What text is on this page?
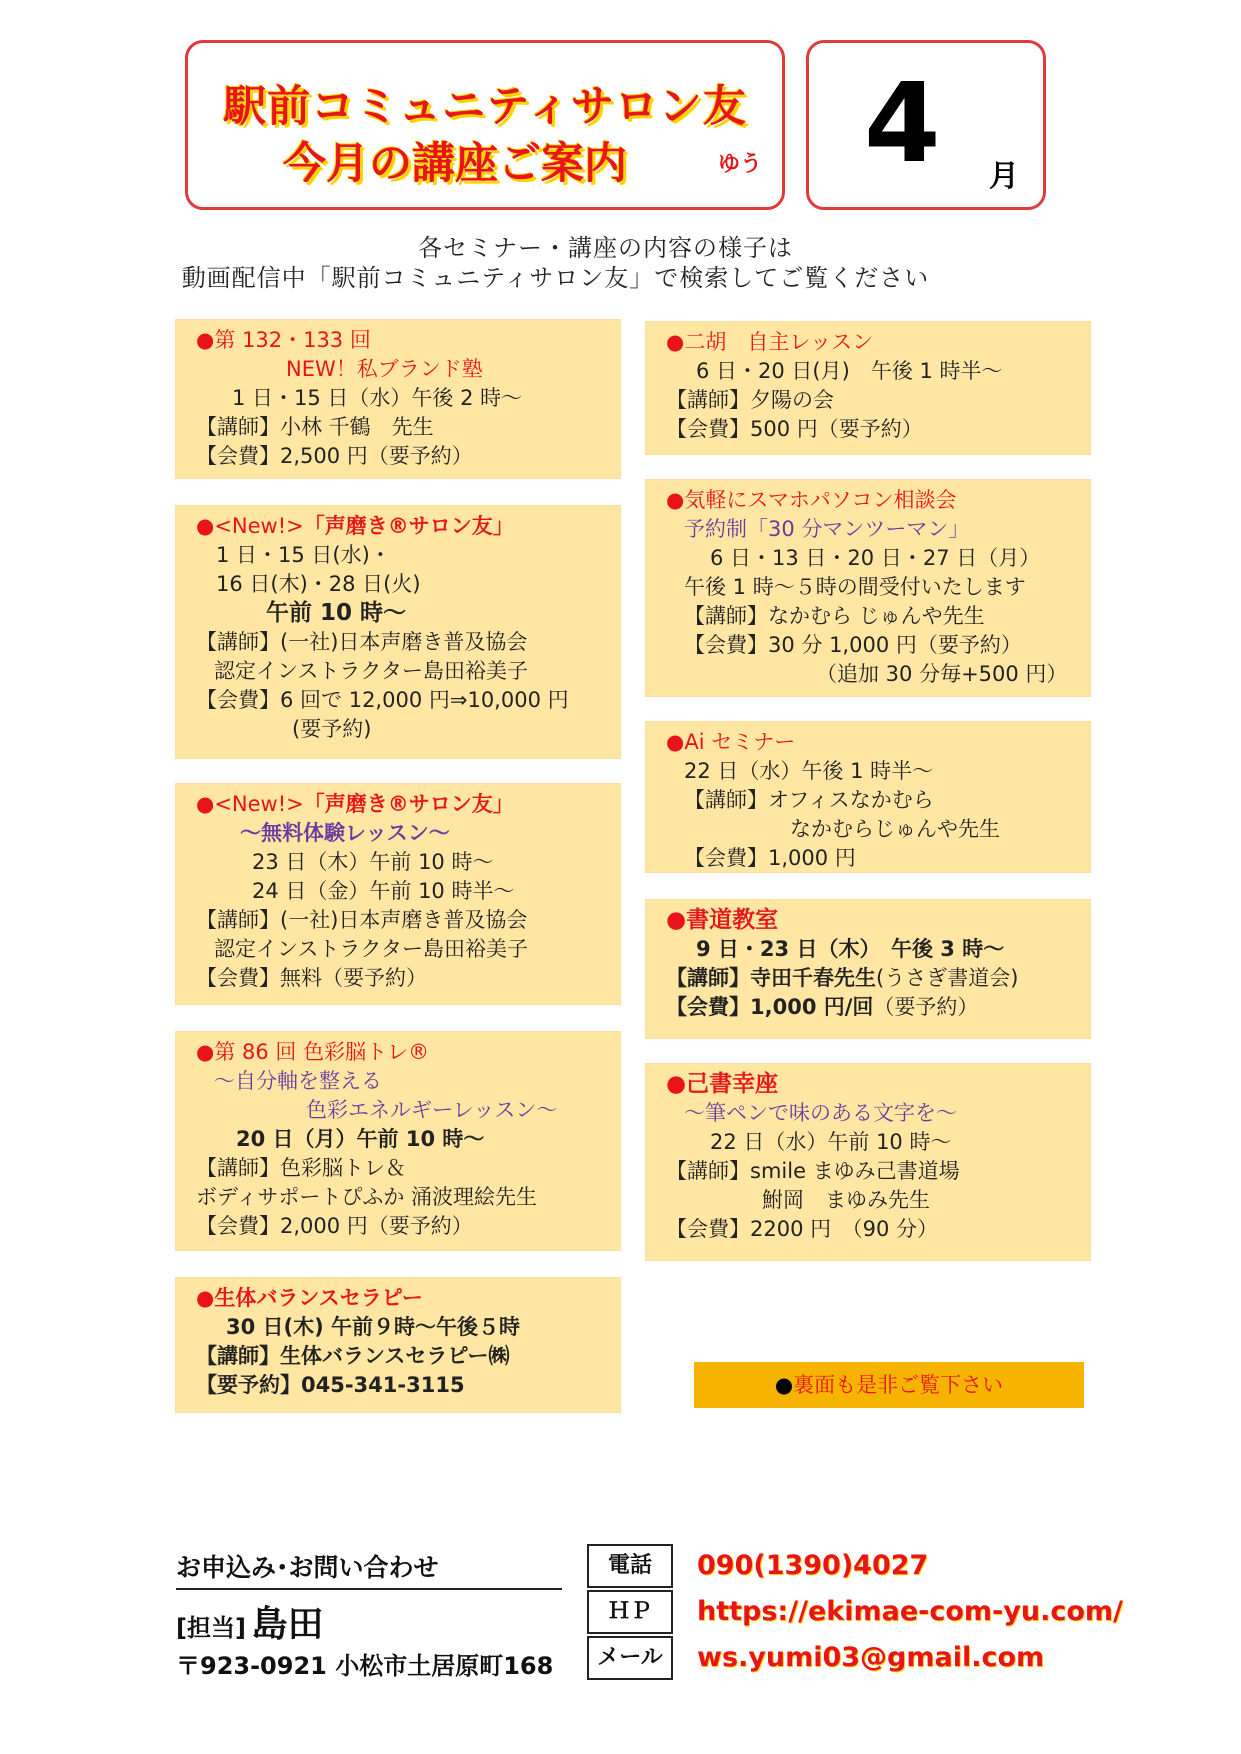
駅前コミュニティサロン友
今月の講座ご案内	ゆう 4 月
各セミナー・講座の内容の様子は
動画配信中「駅前コミュニティサロン友」で検索してご覧ください
●第 132・133 回
NEW！私ブランド塾
1 日・15 日（水）午後 2 時～
【講師】小林 千鶴　先生
【会費】2,500 円（要予約）
●<New!>「声磨き®サロン友」
1 日・15 日(水)・
16 日(木)・28 日(火)
午前 10 時～
【講師】(一社)日本声磨き普及協会
認定インストラクター島田裕美子
【会費】6 回で 12,000 円⇒10,000 円
(要予約)
●<New!>「声磨き®サロン友」
～無料体験レッスン～
23 日（木）午前 10 時～
24 日（金）午前 10 時半～
【講師】(一社)日本声磨き普及協会
認定インストラクター島田裕美子
【会費】無料（要予約）
●第 86 回 色彩脳トレ®
～自分軸を整える
色彩エネルギーレッスン～
20 日（月）午前 10 時～
【講師】色彩脳トレ＆
ボディサポートぴふか 涌波理絵先生
【会費】2,000 円（要予約）
●生体バランスセラピー
30 日(木) 午前９時～午後５時
【講師】生体バランスセラピー㈱
【要予約】045-341-3115
●二胡　自主レッスン
6 日・20 日(月)　午後 1 時半～
【講師】夕陽の会
【会費】500 円（要予約）
●気軽にスマホパソコン相談会
予約制「30 分マンツーマン」
6 日・13 日・20 日・27 日（月）
午後 1 時～５時の間受付いたします
【講師】なかむら じゅんや先生
【会費】30 分 1,000 円（要予約）
（追加 30 分毎+500 円）
●Ai セミナー
22 日（水）午後 1 時半～
【講師】オフィスなかむら
なかむらじゅんや先生
【会費】1,000 円
●書道教室
9 日・23 日（木）　午後 3 時～
【講師】寺田千春先生(うさぎ書道会)
【会費】1,000 円/回（要予約）
●己書幸座
～筆ペンで味のある文字を～
22 日（水）午前 10 時～
【講師】smile まゆみ己書道場
鮒岡　まゆみ先生
【会費】2200 円　（90 分）
●裏面も是非ご覧下さい
お申込み･お問い合わせ
[担当] 島田
〒923-0921 小松市土居原町168
電話	090(1390)4027
ＨＰ	https://ekimae-com-yu.com/
メール	ws.yumi03@gmail.com
